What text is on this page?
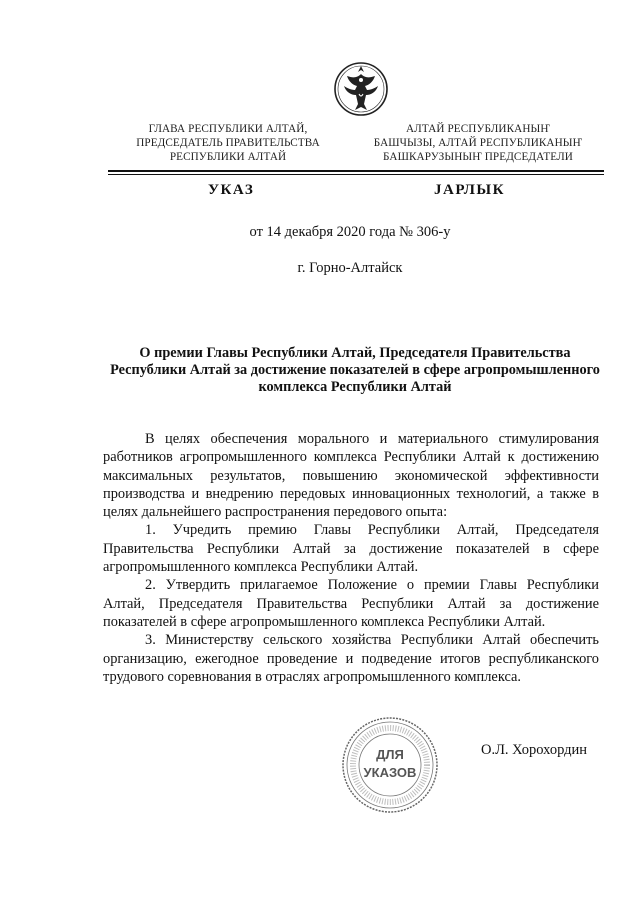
ГЛАВА РЕСПУБЛИКИ АЛТАЙ,
ПРЕДСЕДАТЕЛЬ ПРАВИТЕЛЬСТВА
РЕСПУБЛИКИ АЛТАЙ
АЛТАЙ РЕСПУБЛИКАНЫҤ
БАШЧЫЗЫ, АЛТАЙ РЕСПУБЛИКАНЫҤ
БАШКАРУЗЫНЫҤ ПРЕДСЕДАТЕЛИ
УКАЗ	JАРЛЫК
от 14 декабря 2020 года № 306-у
г. Горно-Алтайск
О премии Главы Республики Алтай, Председателя Правительства Республики Алтай за достижение показателей в сфере агропромышленного комплекса Республики Алтай

В целях обеспечения морального и материального стимулирования работников агропромышленного комплекса Республики Алтай к достижению максимальных результатов, повышению экономической эффективности производства и внедрению передовых инновационных технологий, а также в целях дальнейшего распространения передового опыта:

1. Учредить премию Главы Республики Алтай, Председателя Правительства Республики Алтай за достижение показателей в сфере агропромышленного комплекса Республики Алтай.

2. Утвердить прилагаемое Положение о премии Главы Республики Алтай, Председателя Правительства Республики Алтай за достижение показателей в сфере агропромышленного комплекса Республики Алтай.

3. Министерству сельского хозяйства Республики Алтай обеспечить организацию, ежегодное проведение и подведение итогов республиканского трудового соревнования в отраслях агропромышленного комплекса.

ДЛЯ
УКАЗОВ
О.Л. Хорохордин
